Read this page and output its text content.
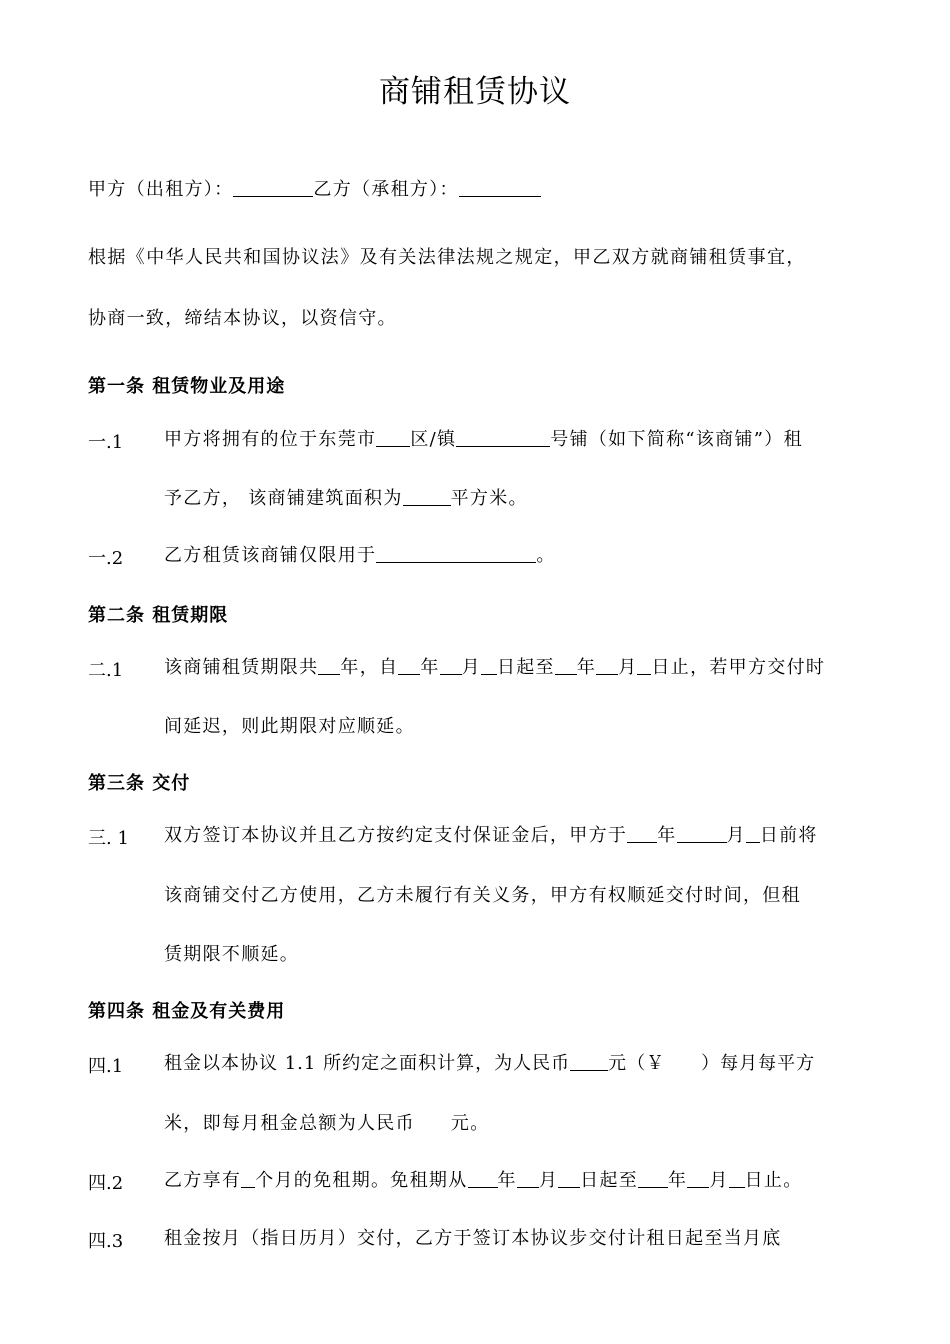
商铺租赁协议
甲方（出租方）：	乙方（承租方）：
根据《中华人民共和国协议法》及有关法律法规之规定，甲乙双方就商铺租赁事宜，
协商一致，缔结本协议，以资信守。
第一条 租赁物业及用途
一.1 甲方将拥有的位于东莞市 区/镇	号铺（如下简称“该商铺”）租
予乙方， 该商铺建筑面积为	平方米。
一.2 乙方租赁该商铺仅限用于	。
第二条 租赁期限
二.1 该商铺租赁期限共 年，自 年 月 日起至 年 月 日止，若甲方交付时
间延迟，则此期限对应顺延。
第三条 交付
三. 1 双方签订本协议并且乙方按约定支付保证金后，甲方于 年	月 日前将
该商铺交付乙方使用，乙方未履行有关义务，甲方有权顺延交付时间，但租
赁期限不顺延。
第四条 租金及有关费用
四.1 租金以本协议 1.1 所约定之面积计算，为人民币 元（￥ ）每月每平方
米，即每月租金总额为人民币 元。
四.2 乙方享有 个月的免租期。免租期从 年 月 日起至 年 月 日止。
四.3 租金按月（指日历月）交付，乙方于签订本协议步交付计租日起至当月底
